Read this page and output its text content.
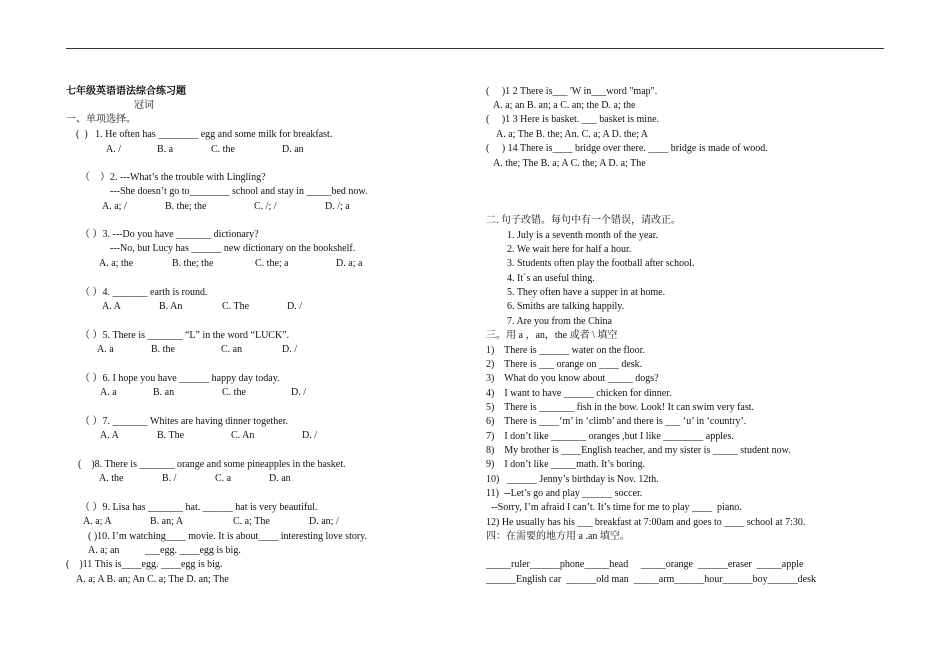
七年级英语语法综合练习题
冠词
一、单项选择。
(  )   1. He often has ________ egg and some milk for breakfast.
A. /	B. a	C. the	D. an
（    ）2. ---What’s the trouble with Lingling?
---She doesn’t go to________ school and stay in _____bed now.
A. a; /	B. the; the	C. /; /	D. /; a
（ ）3. ---Do you have _______ dictionary?
---No, but Lucy has ______ new dictionary on the bookshelf.
A. a; the	B. the; the	C. the; a	D. a; a
（ ）4. _______ earth is round.
A. A	B. An	C. The	D. /
（ ）5. There is _______ “L” in the word “LUCK”.
A. a	B. the	C. an	D. /
（ ）6. I hope you have ______ happy day today.
A. a	B. an	C. the	D. /
（ ）7. _______ Whites are having dinner together.
A. A	B. The	C. An	D. /
(    )8. There is _______ orange and some pineapples in the basket.
A. the	B. /	C. a	D. an
（ ）9. Lisa has _______ hat. ______ hat is very beautiful.
A. a; A	B. an; A	C. a; The	D. an; /
( )10. I’m watching____ movie. It is about____ interesting love story.
A. a; an	___egg. ____egg is big.
(    )11 This is____egg. ____egg is big.
A. a; A B. an; An C. a; The D. an; The
(     )1 2 There is___ 'W in___word "map".
A. a; an B. an; a C. an; the D. a; the
(     )1 3 Here is basket. ___ basket is mine.
A. a; The B. the; An. C. a; A D. the; A
(     ) 14 There is____ bridge over there. ____ bridge is made of wood.
A. the; The B. a; A C. the; A D. a; The
二. 句子改错。每句中有一个错误，请改正。
1. July is a seventh month of the year.
2. We wait here for half a hour.
3. Students often play the football after school.
4. It`s an useful thing.
5. They often have a supper in at home.
6. Smiths are talking happily.
7. Are you from the China
三。用 a ，an，the 或者 \ 填空
1)    There is ______ water on the floor.
2)    There is ___ orange on ____ desk.
3)    What do you know about _____ dogs?
4)    I want to have ______ chicken for dinner.
5)    There is _______ fish in the bow. Look! It can swim very fast.
6)    There is ____‘m’ in ‘climb’ and there is ___ ‘u’ in ‘country’.
7)    I don’t like _______ oranges ,but I like ________ apples.
8)    My brother is ____English teacher, and my sister is _____ student now.
9)    I don’t like _____math. It’s boring.
10)   ______ Jenny’s birthday is Nov. 12th.
11)  --Let’s go and play ______ soccer.
--Sorry, I’m afraid I can’t. It’s time for me to play ____  piano.
12) He usually has his ___ breakfast at 7:00am and goes to ____ school at 7:30.
四：在需要的地方用 a .an 填空。
_____ruler______phone_____head     _____orange  ______eraser  _____apple
______English car  ______old man  _____arm______hour______boy______desk
